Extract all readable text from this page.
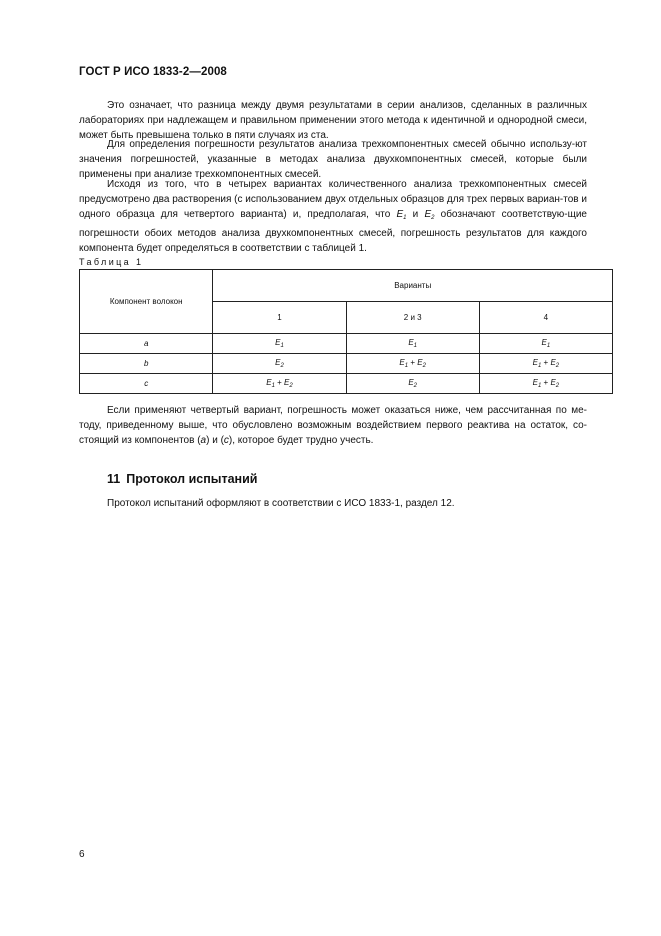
ГОСТ Р ИСО 1833-2—2008

Это означает, что разница между двумя результатами в серии анализов, сделанных в различных лабораториях при надлежащем и правильном применении этого метода к идентичной и однородной смеси, может быть превышена только в пяти случаях из ста.

Для определения погрешности результатов анализа трехкомпонентных смесей обычно использу-ют значения погрешностей, указанные в методах анализа двухкомпонентных смесей, которые были применены при анализе трехкомпонентных смесей.

Исходя из того, что в четырех вариантах количественного анализа трехкомпонентных смесей предусмотрено два растворения (с использованием двух отдельных образцов для трех первых вариан-тов и одного образца для четвертого варианта) и, предполагая, что $E_1$ и $E_2$ обозначают соответствую-щие погрешности обоих методов анализа двухкомпонентных смесей, погрешность результатов для каждого компонента будет определяться в соответствии с таблицей 1.

Таблица 1
Компонент волокон	Варианты		
	1	2 и 3	4
a	$E_1$	$E_1$	$E_1$
b	$E_2$	$E_1 + E_2$	$E_1 + E_2$
c	$E_1 + E_2$	$E_2$	$E_1 + E_2$

Если применяют четвертый вариант, погрешность может оказаться ниже, чем рассчитанная по ме-тоду, приведенному выше, что обусловлено возможным воздействием первого реактива на остаток, со-стоящий из компонентов (a) и (c), которое будет трудно учесть.

11 Протокол испытаний

Протокол испытаний оформляют в соответствии с ИСО 1833-1, раздел 12.

6
